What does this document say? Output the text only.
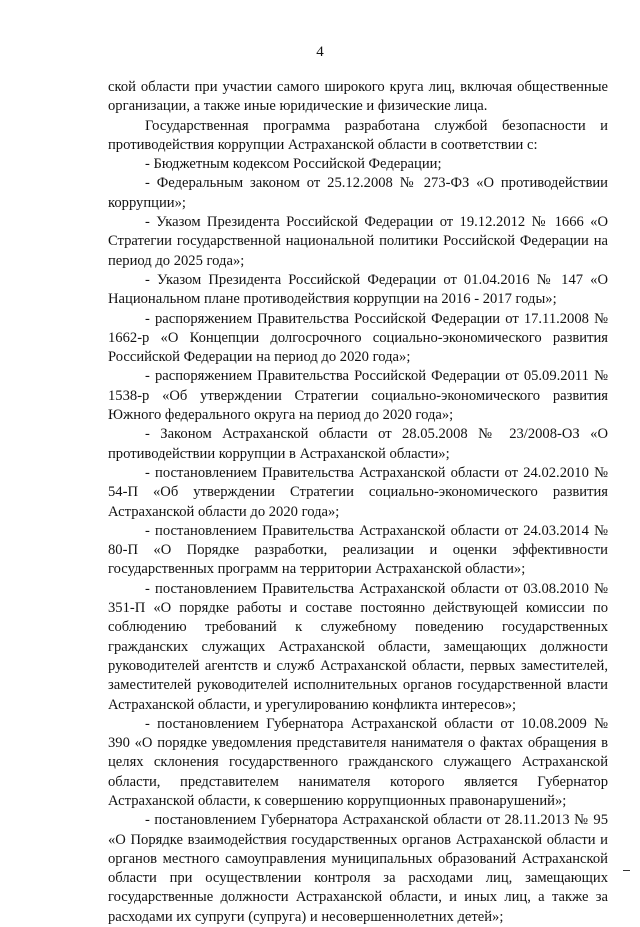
4

ской области при участии самого широкого круга лиц, включая общественные организации, а также иные юридические и физические лица.

Государственная программа разработана службой безопасности и противодействия коррупции Астраханской области в соответствии с:

- Бюджетным кодексом Российской Федерации;

- Федеральным законом от 25.12.2008 № 273-ФЗ «О противодействии коррупции»;

- Указом Президента Российской Федерации от 19.12.2012 № 1666 «О Стратегии государственной национальной политики Российской Федерации на период до 2025 года»;

- Указом Президента Российской Федерации от 01.04.2016 № 147 «О Национальном плане противодействия коррупции на 2016 - 2017 годы»;

- распоряжением Правительства Российской Федерации от 17.11.2008 № 1662-р «О Концепции долгосрочного социально-экономического развития Российской Федерации на период до 2020 года»;

- распоряжением Правительства Российской Федерации от 05.09.2011 № 1538-р «Об утверждении Стратегии социально-экономического развития Южного федерального округа на период до 2020 года»;

- Законом Астраханской области от 28.05.2008 № 23/2008-ОЗ «О противодействии коррупции в Астраханской области»;

- постановлением Правительства Астраханской области от 24.02.2010 № 54-П «Об утверждении Стратегии социально-экономического развития Астраханской области до 2020 года»;

- постановлением Правительства Астраханской области от 24.03.2014 № 80-П «О Порядке разработки, реализации и оценки эффективности государственных программ на территории Астраханской области»;

- постановлением Правительства Астраханской области от 03.08.2010 № 351-П «О порядке работы и составе постоянно действующей комиссии по соблюдению требований к служебному поведению государственных гражданских служащих Астраханской области, замещающих должности руководителей агентств и служб Астраханской области, первых заместителей, заместителей руководителей исполнительных органов государственной власти Астраханской области, и урегулированию конфликта интересов»;

- постановлением Губернатора Астраханской области от 10.08.2009 № 390 «О порядке уведомления представителя нанимателя о фактах обращения в целях склонения государственного гражданского служащего Астраханской области, представителем нанимателя которого является Губернатор Астраханской области, к совершению коррупционных правонарушений»;

- постановлением Губернатора Астраханской области от 28.11.2013 № 95 «О Порядке взаимодействия государственных органов Астраханской области и органов местного самоуправления муниципальных образований Астраханской области при осуществлении контроля за расходами лиц, замещающих государственные должности Астраханской области, и иных лиц, а также за расходами их супруги (супруга) и несовершеннолетних детей»;
